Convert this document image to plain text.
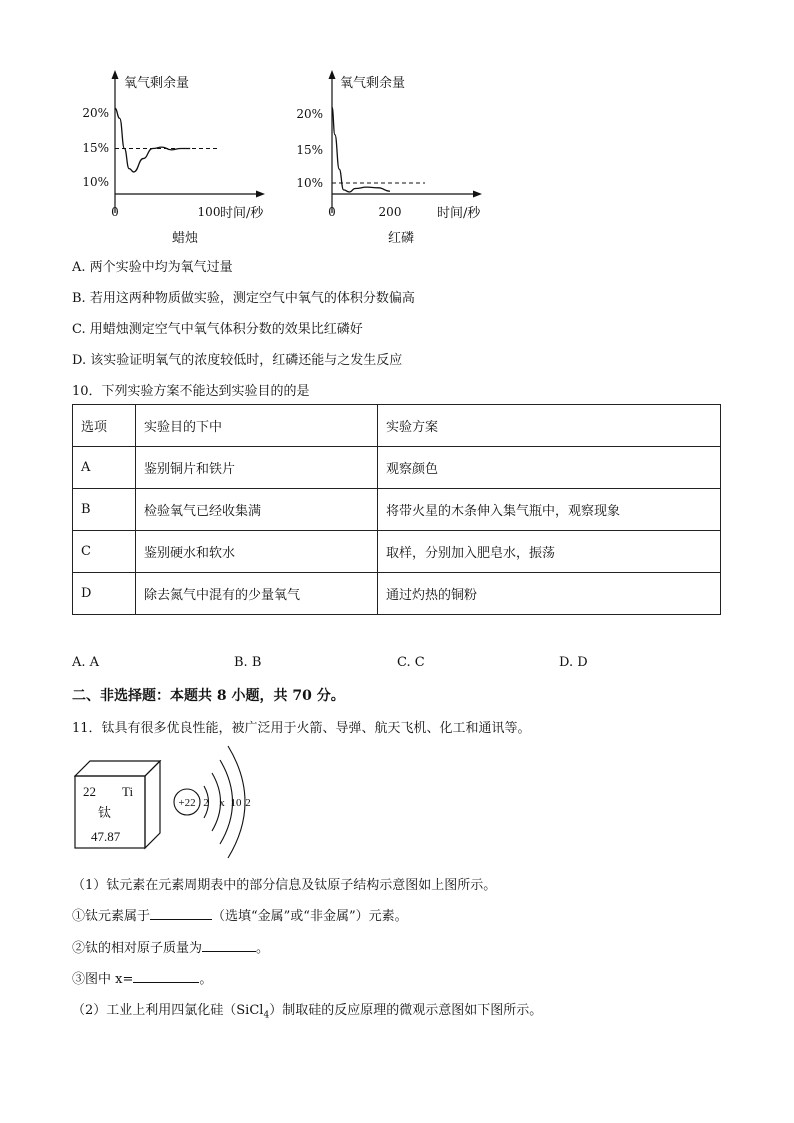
氧气剩余量
20%
15%
10%
0	100 时间/秒
蜡烛
氧气剩余量
20%
15%
10%
0	200	时间/秒
红磷
A. 两个实验中均为氧气过量
B. 若用这两种物质做实验，测定空气中氧气的体积分数偏高
C. 用蜡烛测定空气中氧气体积分数的效果比红磷好
D. 该实验证明氧气的浓度较低时，红磷还能与之发生反应
10．下列实验方案不能达到实验目的的是
选项	实验目的下中	实验方案
A	鉴别铜片和铁片	观察颜色
B	检验氧气已经收集满	将带火星的木条伸入集气瓶中，观察现象
C	鉴别硬水和软水	取样，分别加入肥皂水，振荡
D	除去氮气中混有的少量氧气	通过灼热的铜粉
A. A	B. B	C. C	D. D
二、非选择题：本题共 8 小题，共 70 分。
11．钛具有很多优良性能，被广泛用于火箭、导弹、航天飞机、化工和通讯等。
22 Ti
钛
47.87
+22 2 x 10 2
（1）钛元素在元素周期表中的部分信息及钛原子结构示意图如上图所示。
①钛元素属于	（选填“金属”或“非金属”）元素。
②钛的相对原子质量为	。
③图中 x=	。
（2）工业上利用四氯化硅（SiCl$_4$）制取硅的反应原理的微观示意图如下图所示。
